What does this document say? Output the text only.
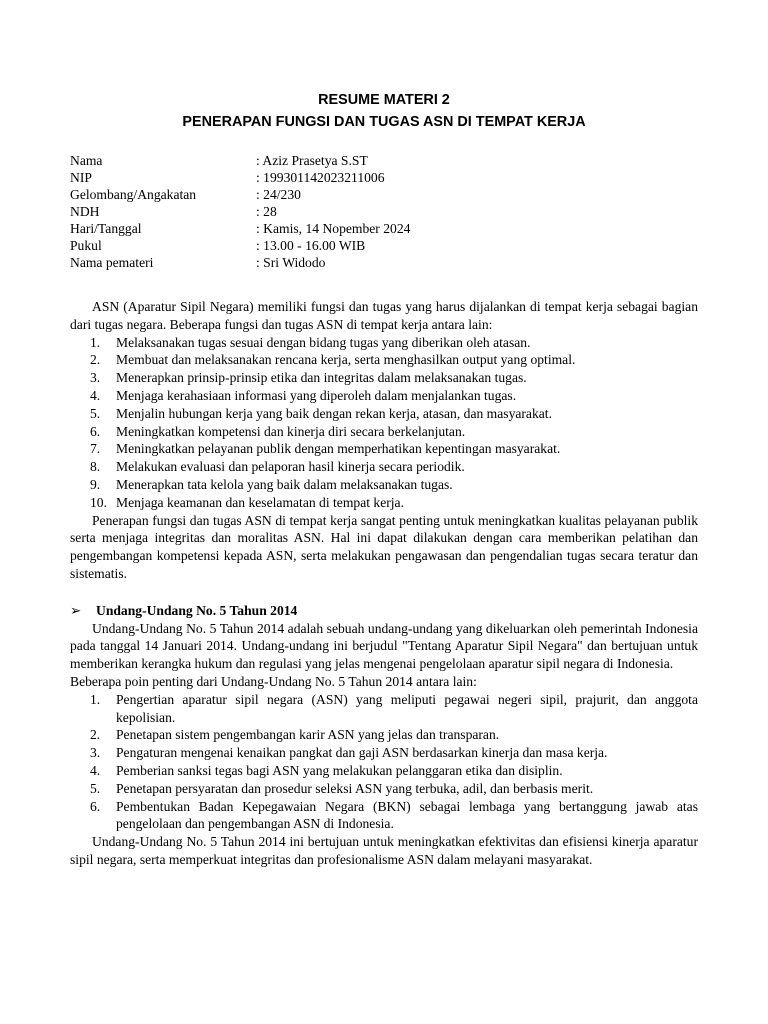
RESUME MATERI 2

PENERAPAN FUNGSI DAN TUGAS ASN DI TEMPAT KERJA

Nama	: Aziz Prasetya S.ST
NIP	: 199301142023211006
Gelombang/Angakatan	: 24/230
NDH	: 28
Hari/Tanggal	: Kamis, 14 Nopember 2024
Pukul	: 13.00 - 16.00 WIB
Nama pemateri	: Sri Widodo

ASN (Aparatur Sipil Negara) memiliki fungsi dan tugas yang harus dijalankan di tempat kerja sebagai bagian dari tugas negara. Beberapa fungsi dan tugas ASN di tempat kerja antara lain:

1.	Melaksanakan tugas sesuai dengan bidang tugas yang diberikan oleh atasan.
2.	Membuat dan melaksanakan rencana kerja, serta menghasilkan output yang optimal.
3.	Menerapkan prinsip-prinsip etika dan integritas dalam melaksanakan tugas.
4.	Menjaga kerahasiaan informasi yang diperoleh dalam menjalankan tugas.
5.	Menjalin hubungan kerja yang baik dengan rekan kerja, atasan, dan masyarakat.
6.	Meningkatkan kompetensi dan kinerja diri secara berkelanjutan.
7.	Meningkatkan pelayanan publik dengan memperhatikan kepentingan masyarakat.
8.	Melakukan evaluasi dan pelaporan hasil kinerja secara periodik.
9.	Menerapkan tata kelola yang baik dalam melaksanakan tugas.
10. Menjaga keamanan dan keselamatan di tempat kerja.

Penerapan fungsi dan tugas ASN di tempat kerja sangat penting untuk meningkatkan kualitas pelayanan publik serta menjaga integritas dan moralitas ASN. Hal ini dapat dilakukan dengan cara memberikan pelatihan dan pengembangan kompetensi kepada ASN, serta melakukan pengawasan dan pengendalian tugas secara teratur dan sistematis.

➢ Undang-Undang No. 5 Tahun 2014

Undang-Undang No. 5 Tahun 2014 adalah sebuah undang-undang yang dikeluarkan oleh pemerintah Indonesia pada tanggal 14 Januari 2014. Undang-undang ini berjudul "Tentang Aparatur Sipil Negara" dan bertujuan untuk memberikan kerangka hukum dan regulasi yang jelas mengenai pengelolaan aparatur sipil negara di Indonesia.

Beberapa poin penting dari Undang-Undang No. 5 Tahun 2014 antara lain:

1.	Pengertian aparatur sipil negara (ASN) yang meliputi pegawai negeri sipil, prajurit, dan anggota kepolisian.
2.	Penetapan sistem pengembangan karir ASN yang jelas dan transparan.
3.	Pengaturan mengenai kenaikan pangkat dan gaji ASN berdasarkan kinerja dan masa kerja.
4.	Pemberian sanksi tegas bagi ASN yang melakukan pelanggaran etika dan disiplin.
5.	Penetapan persyaratan dan prosedur seleksi ASN yang terbuka, adil, dan berbasis merit.
6.	Pembentukan Badan Kepegawaian Negara (BKN) sebagai lembaga yang bertanggung jawab atas pengelolaan dan pengembangan ASN di Indonesia.

Undang-Undang No. 5 Tahun 2014 ini bertujuan untuk meningkatkan efektivitas dan efisiensi kinerja aparatur sipil negara, serta memperkuat integritas dan profesionalisme ASN dalam melayani masyarakat.
